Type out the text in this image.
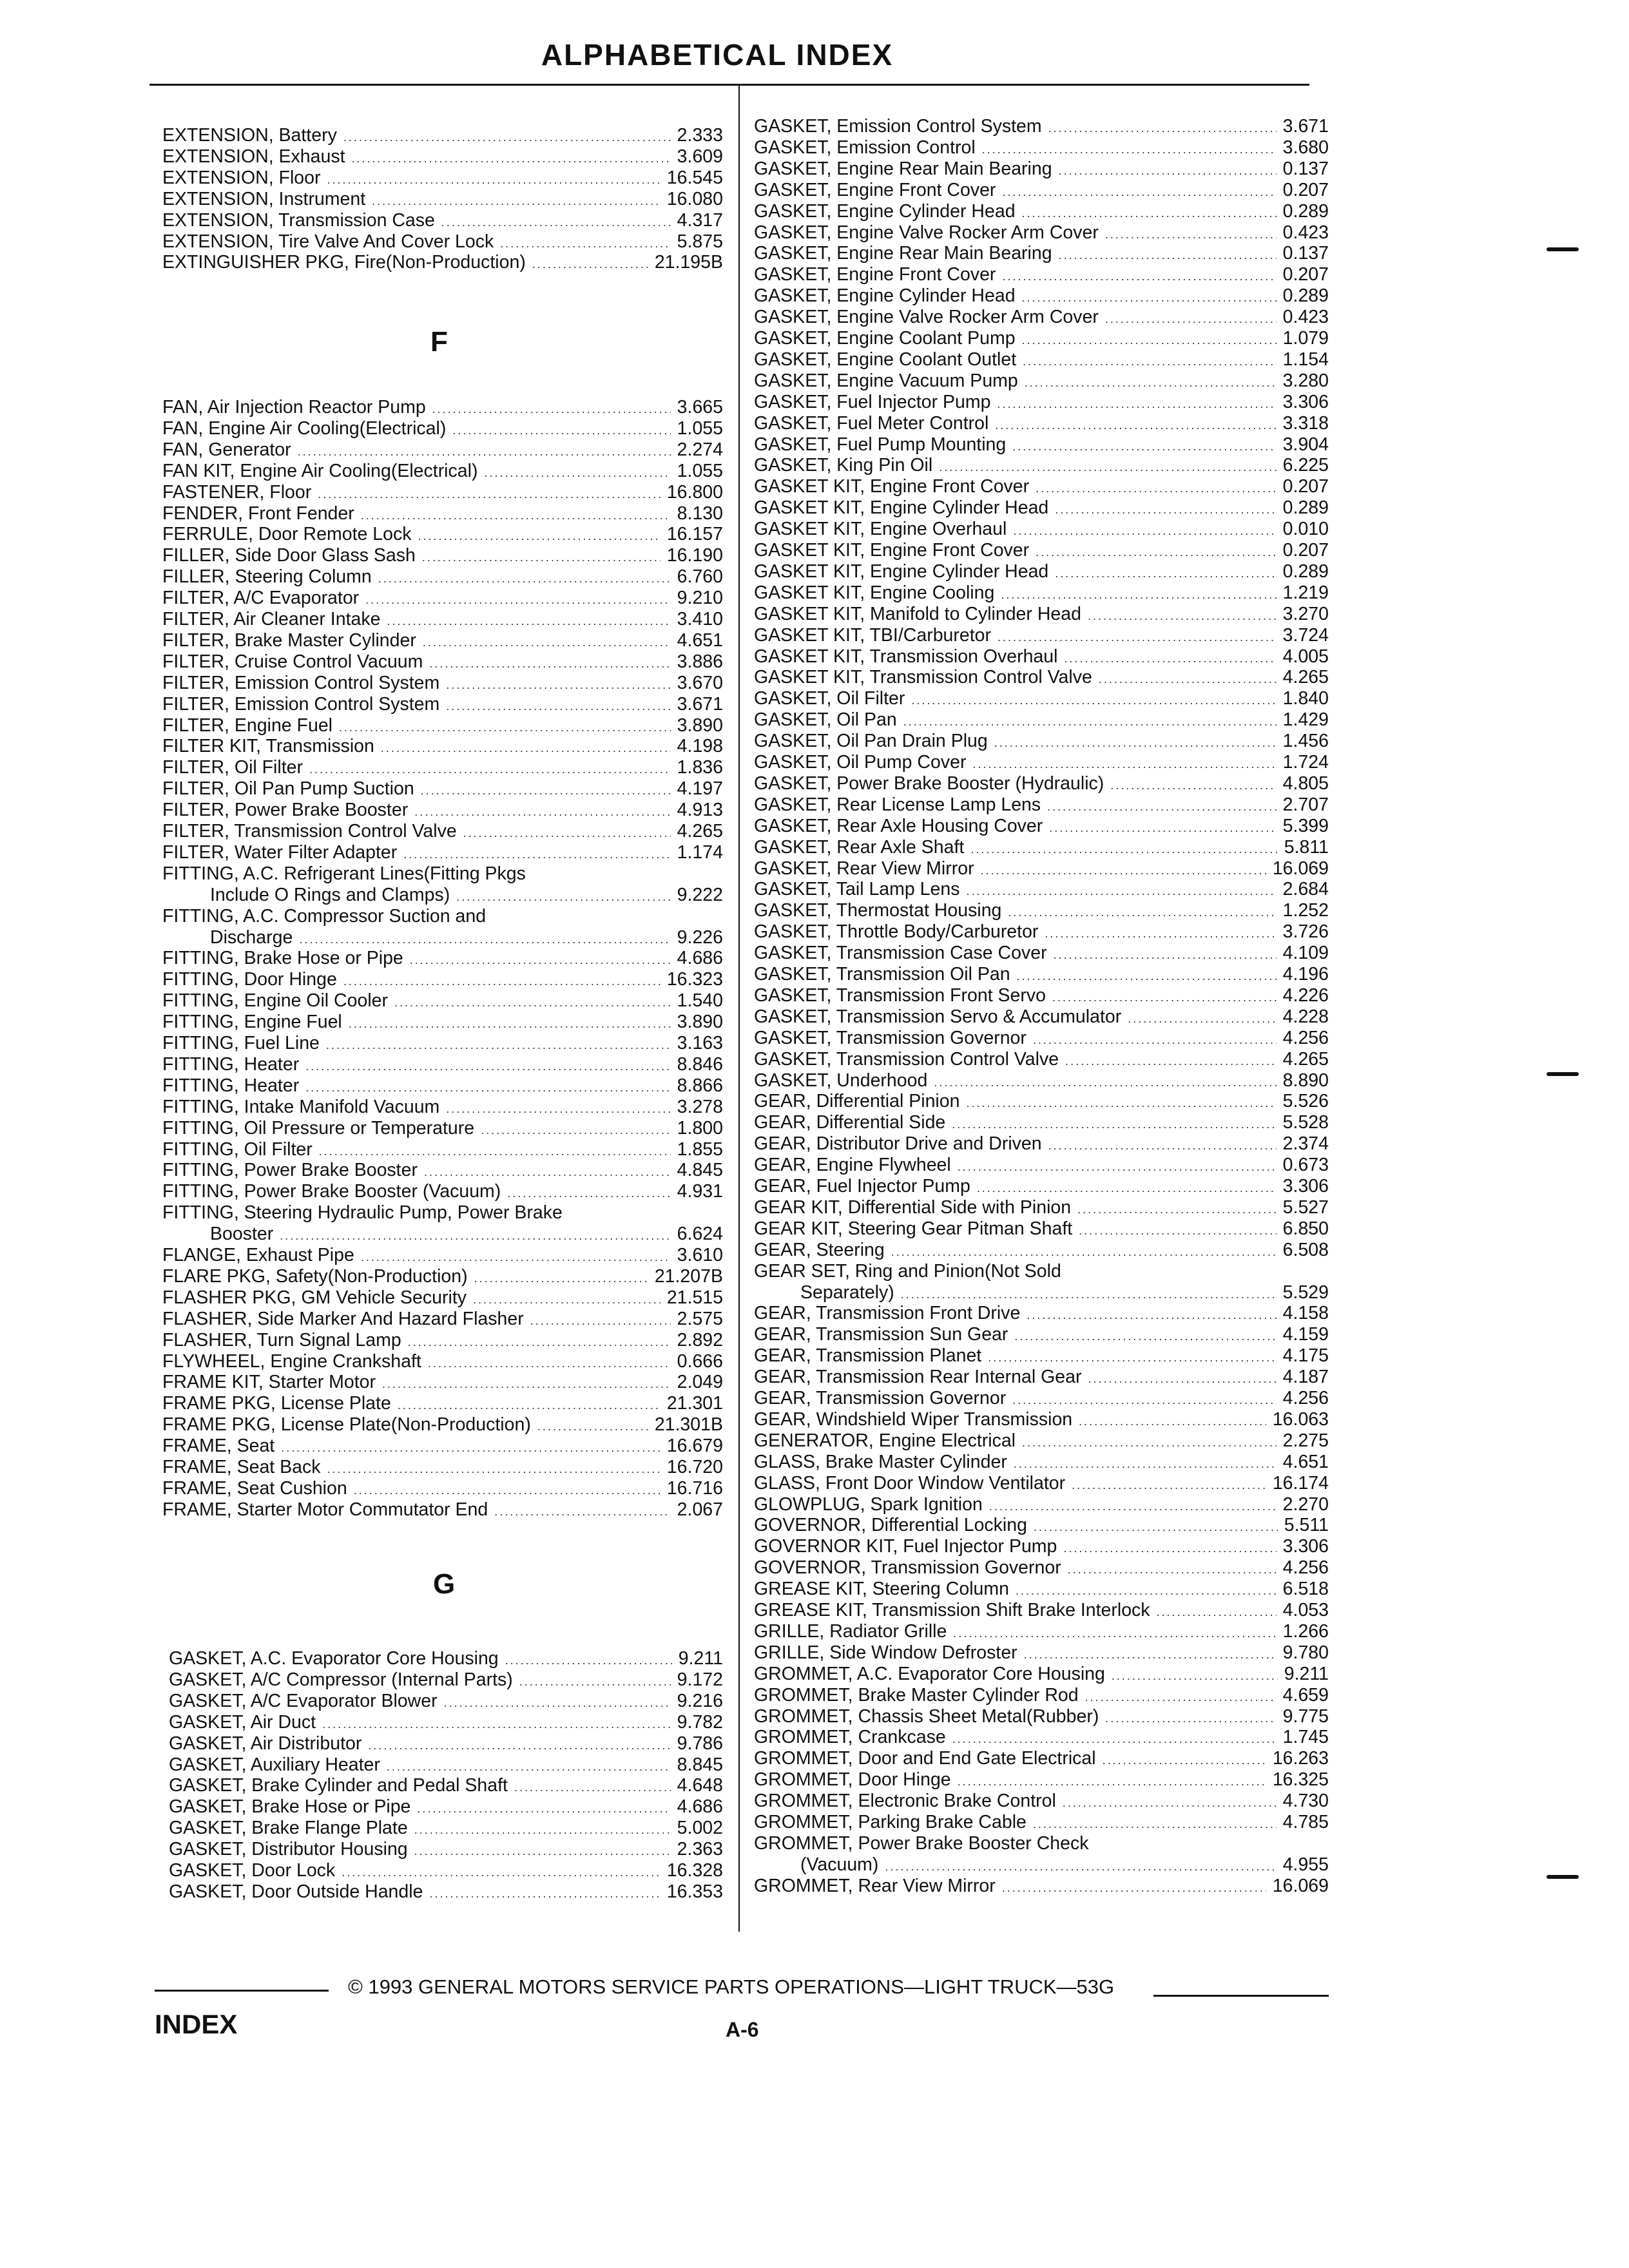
ALPHABETICAL INDEX
EXTENSION, Battery .....	2.333
EXTENSION, Exhaust .....	3.609
EXTENSION, Floor .....	16.545
EXTENSION, Instrument .....	16.080
EXTENSION, Transmission Case .....	4.317
EXTENSION, Tire Valve And Cover Lock .....	5.875
EXTINGUISHER PKG, Fire(Non-Production) .....	21.195B
F
FAN, Air Injection Reactor Pump .....	3.665
FAN, Engine Air Cooling(Electrical) .....	1.055
FAN, Generator .....	2.274
FAN KIT, Engine Air Cooling(Electrical) .....	1.055
FASTENER, Floor .....	16.800
FENDER, Front Fender .....	8.130
FERRULE, Door Remote Lock .....	16.157
FILLER, Side Door Glass Sash .....	16.190
FILLER, Steering Column .....	6.760
FILTER, A/C Evaporator .....	9.210
FILTER, Air Cleaner Intake .....	3.410
FILTER, Brake Master Cylinder .....	4.651
FILTER, Cruise Control Vacuum .....	3.886
FILTER, Emission Control System .....	3.670
FILTER, Emission Control System .....	3.671
FILTER, Engine Fuel .....	3.890
FILTER KIT, Transmission .....	4.198
FILTER, Oil Filter .....	1.836
FILTER, Oil Pan Pump Suction .....	4.197
FILTER, Power Brake Booster .....	4.913
FILTER, Transmission Control Valve .....	4.265
FILTER, Water Filter Adapter .....	1.174
FITTING, A.C. Refrigerant Lines(Fitting Pkgs
Include O Rings and Clamps) .....	9.222
FITTING, A.C. Compressor Suction and
Discharge .....	9.226
FITTING, Brake Hose or Pipe .....	4.686
FITTING, Door Hinge .....	16.323
FITTING, Engine Oil Cooler .....	1.540
FITTING, Engine Fuel .....	3.890
FITTING, Fuel Line .....	3.163
FITTING, Heater .....	8.846
FITTING, Heater .....	8.866
FITTING, Intake Manifold Vacuum .....	3.278
FITTING, Oil Pressure or Temperature .....	1.800
FITTING, Oil Filter .....	1.855
FITTING, Power Brake Booster .....	4.845
FITTING, Power Brake Booster (Vacuum) .....	4.931
FITTING, Steering Hydraulic Pump, Power Brake
Booster .....	6.624
FLANGE, Exhaust Pipe .....	3.610
FLARE PKG, Safety(Non-Production) .....	21.207B
FLASHER PKG, GM Vehicle Security .....	21.515
FLASHER, Side Marker And Hazard Flasher .....	2.575
FLASHER, Turn Signal Lamp .....	2.892
FLYWHEEL, Engine Crankshaft .....	0.666
FRAME KIT, Starter Motor .....	2.049
FRAME PKG, License Plate .....	21.301
FRAME PKG, License Plate(Non-Production) .....	21.301B
FRAME, Seat .....	16.679
FRAME, Seat Back .....	16.720
FRAME, Seat Cushion .....	16.716
FRAME, Starter Motor Commutator End .....	2.067
G
GASKET, A.C. Evaporator Core Housing .....	9.211
GASKET, A/C Compressor (Internal Parts) .....	9.172
GASKET, A/C Evaporator Blower .....	9.216
GASKET, Air Duct .....	9.782
GASKET, Air Distributor .....	9.786
GASKET, Auxiliary Heater .....	8.845
GASKET, Brake Cylinder and Pedal Shaft .....	4.648
GASKET, Brake Hose or Pipe .....	4.686
GASKET, Brake Flange Plate .....	5.002
GASKET, Distributor Housing .....	2.363
GASKET, Door Lock .....	16.328
GASKET, Door Outside Handle .....	16.353
GASKET, Emission Control System .....	3.671
GASKET, Emission Control .....	3.680
GASKET, Engine Rear Main Bearing .....	0.137
GASKET, Engine Front Cover .....	0.207
GASKET, Engine Cylinder Head .....	0.289
GASKET, Engine Valve Rocker Arm Cover .....	0.423
GASKET, Engine Rear Main Bearing .....	0.137
GASKET, Engine Front Cover .....	0.207
GASKET, Engine Cylinder Head .....	0.289
GASKET, Engine Valve Rocker Arm Cover .....	0.423
GASKET, Engine Coolant Pump .....	1.079
GASKET, Engine Coolant Outlet .....	1.154
GASKET, Engine Vacuum Pump .....	3.280
GASKET, Fuel Injector Pump .....	3.306
GASKET, Fuel Meter Control .....	3.318
GASKET, Fuel Pump Mounting .....	3.904
GASKET, King Pin Oil .....	6.225
GASKET KIT, Engine Front Cover .....	0.207
GASKET KIT, Engine Cylinder Head .....	0.289
GASKET KIT, Engine Overhaul .....	0.010
GASKET KIT, Engine Front Cover .....	0.207
GASKET KIT, Engine Cylinder Head .....	0.289
GASKET KIT, Engine Cooling .....	1.219
GASKET KIT, Manifold to Cylinder Head .....	3.270
GASKET KIT, TBI/Carburetor .....	3.724
GASKET KIT, Transmission Overhaul .....	4.005
GASKET KIT, Transmission Control Valve .....	4.265
GASKET, Oil Filter .....	1.840
GASKET, Oil Pan .....	1.429
GASKET, Oil Pan Drain Plug .....	1.456
GASKET, Oil Pump Cover .....	1.724
GASKET, Power Brake Booster (Hydraulic) .....	4.805
GASKET, Rear License Lamp Lens .....	2.707
GASKET, Rear Axle Housing Cover .....	5.399
GASKET, Rear Axle Shaft .....	5.811
GASKET, Rear View Mirror .....	16.069
GASKET, Tail Lamp Lens .....	2.684
GASKET, Thermostat Housing .....	1.252
GASKET, Throttle Body/Carburetor .....	3.726
GASKET, Transmission Case Cover .....	4.109
GASKET, Transmission Oil Pan .....	4.196
GASKET, Transmission Front Servo .....	4.226
GASKET, Transmission Servo & Accumulator .....	4.228
GASKET, Transmission Governor .....	4.256
GASKET, Transmission Control Valve .....	4.265
GASKET, Underhood .....	8.890
GEAR, Differential Pinion .....	5.526
GEAR, Differential Side .....	5.528
GEAR, Distributor Drive and Driven .....	2.374
GEAR, Engine Flywheel .....	0.673
GEAR, Fuel Injector Pump .....	3.306
GEAR KIT, Differential Side with Pinion .....	5.527
GEAR KIT, Steering Gear Pitman Shaft .....	6.850
GEAR, Steering .....	6.508
GEAR SET, Ring and Pinion(Not Sold
Separately) .....	5.529
GEAR, Transmission Front Drive .....	4.158
GEAR, Transmission Sun Gear .....	4.159
GEAR, Transmission Planet .....	4.175
GEAR, Transmission Rear Internal Gear .....	4.187
GEAR, Transmission Governor .....	4.256
GEAR, Windshield Wiper Transmission .....	16.063
GENERATOR, Engine Electrical .....	2.275
GLASS, Brake Master Cylinder .....	4.651
GLASS, Front Door Window Ventilator .....	16.174
GLOWPLUG, Spark Ignition .....	2.270
GOVERNOR, Differential Locking .....	5.511
GOVERNOR KIT, Fuel Injector Pump .....	3.306
GOVERNOR, Transmission Governor .....	4.256
GREASE KIT, Steering Column .....	6.518
GREASE KIT, Transmission Shift Brake Interlock .....	4.053
GRILLE, Radiator Grille .....	1.266
GRILLE, Side Window Defroster .....	9.780
GROMMET, A.C. Evaporator Core Housing .....	9.211
GROMMET, Brake Master Cylinder Rod .....	4.659
GROMMET, Chassis Sheet Metal(Rubber) .....	9.775
GROMMET, Crankcase .....	1.745
GROMMET, Door and End Gate Electrical .....	16.263
GROMMET, Door Hinge .....	16.325
GROMMET, Electronic Brake Control .....	4.730
GROMMET, Parking Brake Cable .....	4.785
GROMMET, Power Brake Booster Check
(Vacuum) .....	4.955
GROMMET, Rear View Mirror .....	16.069
© 1993 GENERAL MOTORS SERVICE PARTS OPERATIONS—LIGHT TRUCK—53G
INDEX	A-6
